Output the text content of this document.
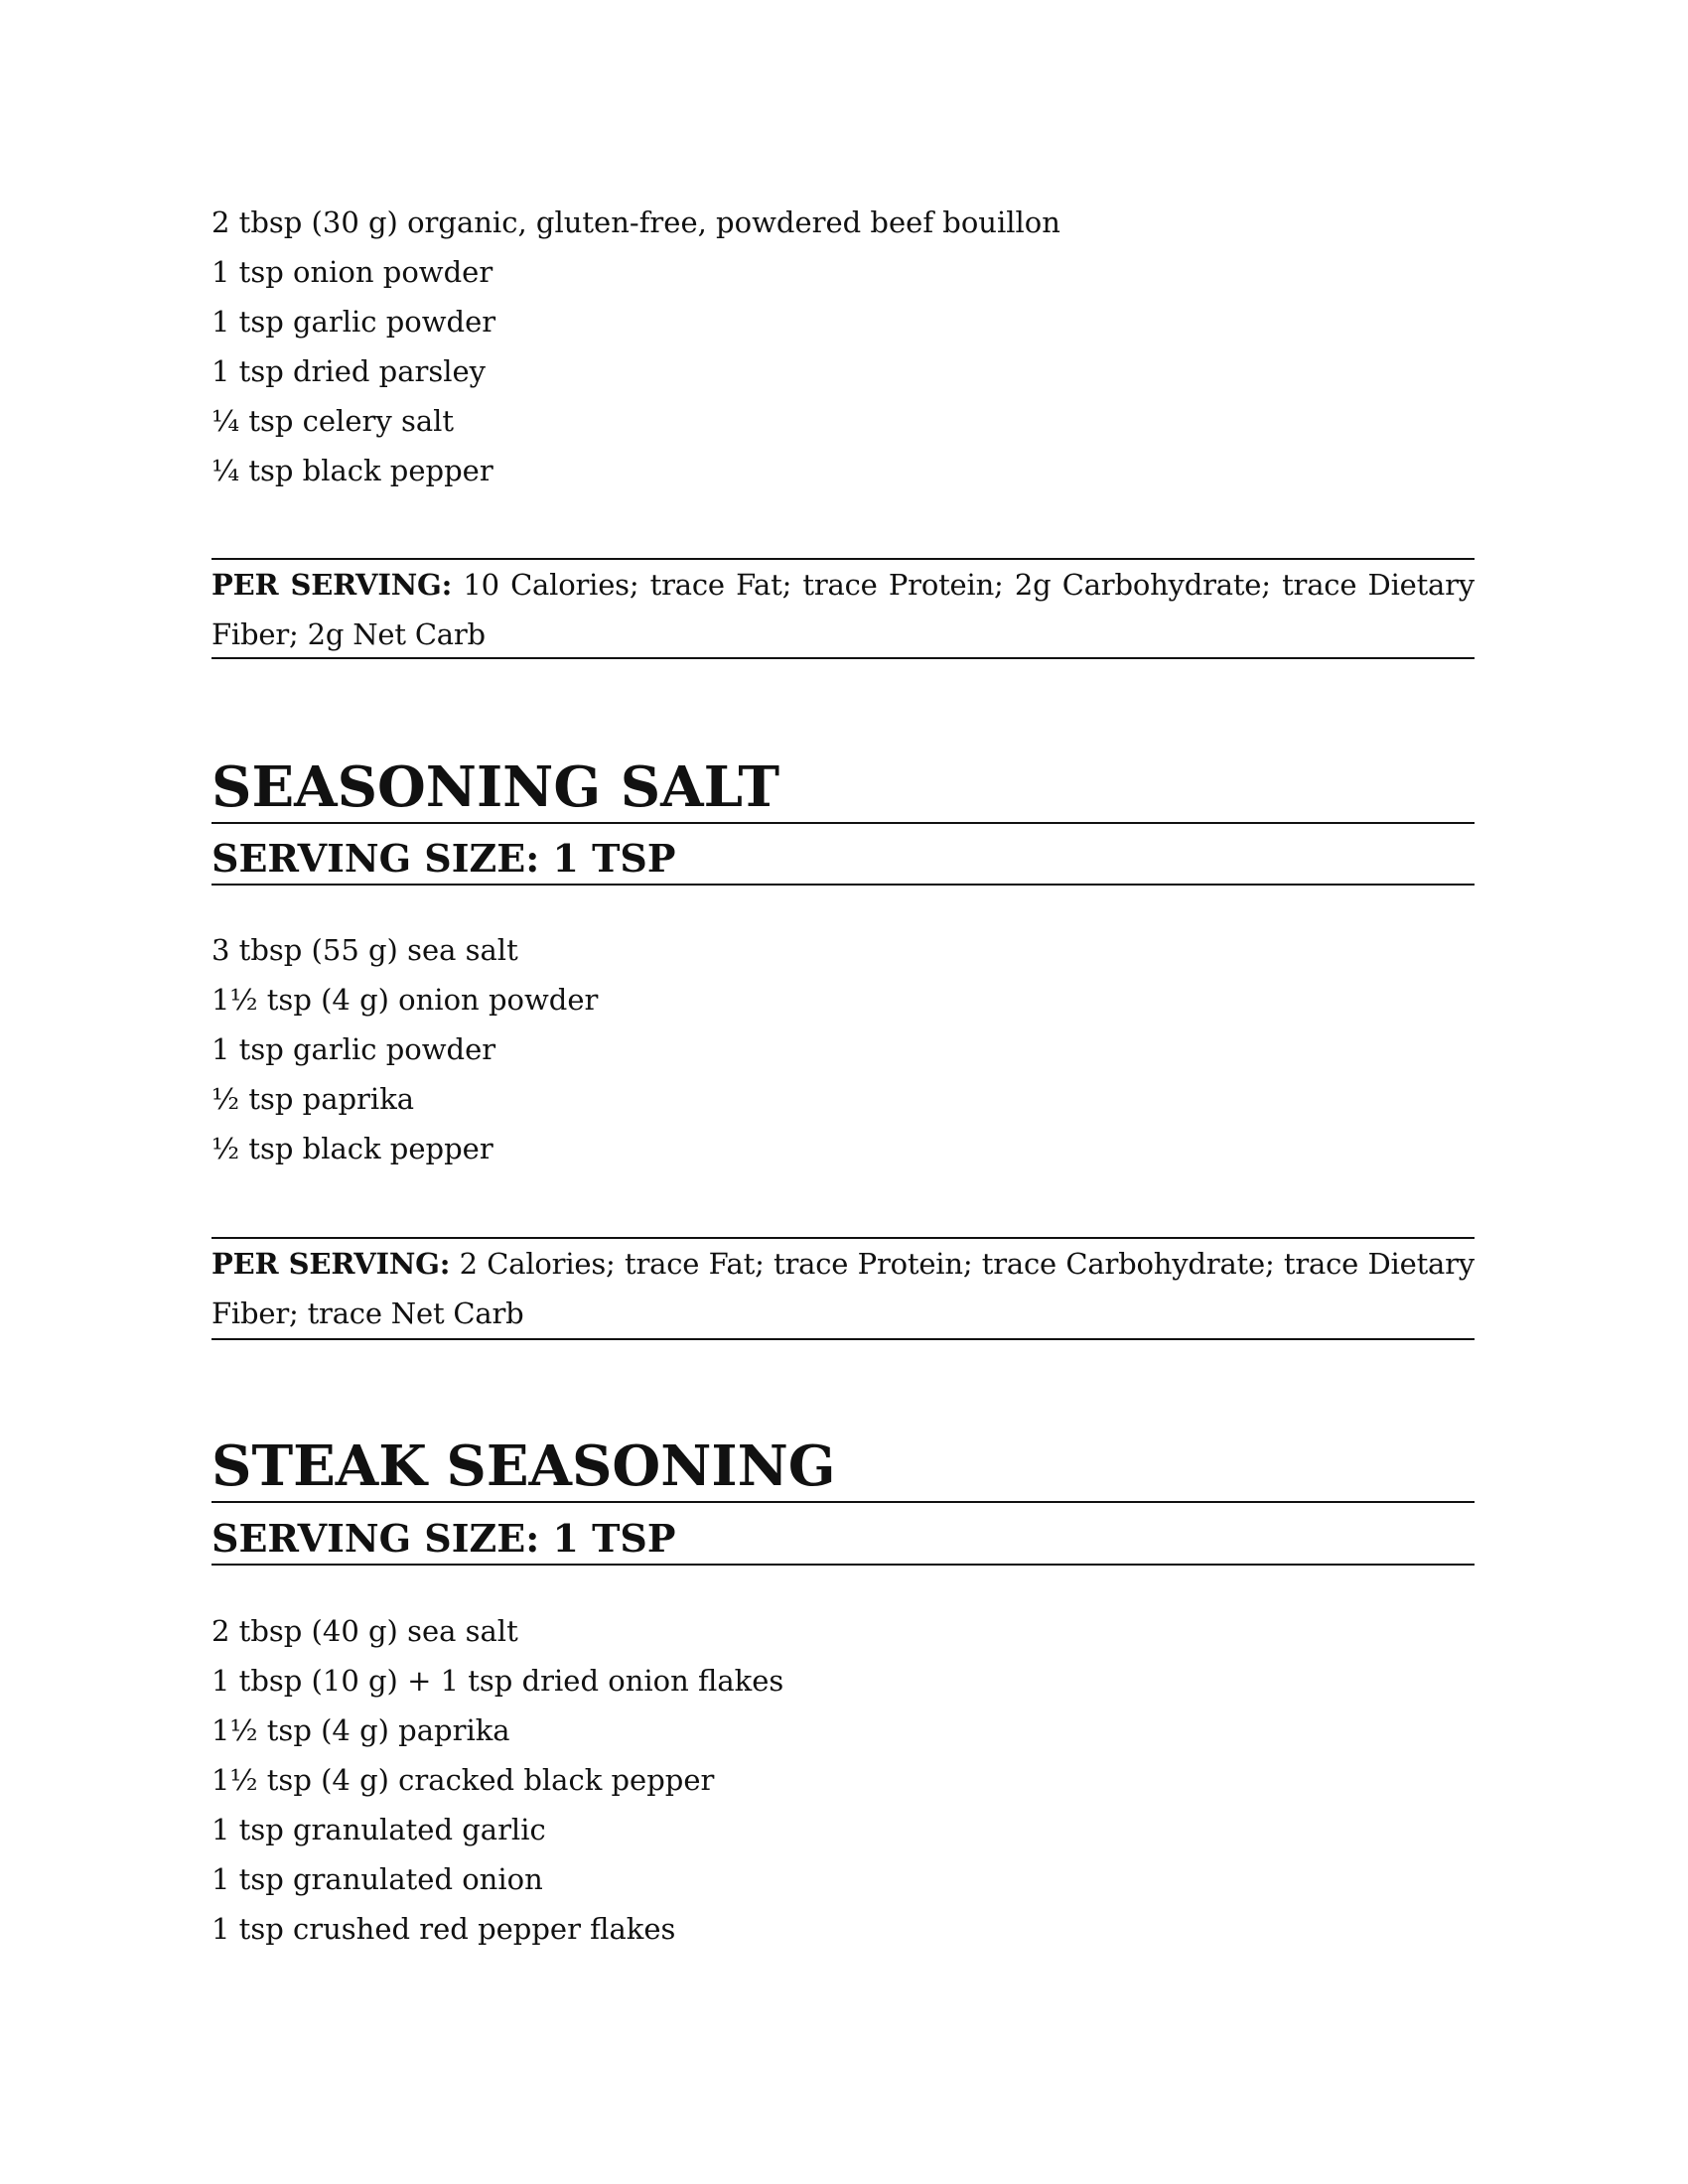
2 tbsp (30 g) organic, gluten-free, powdered beef bouillon
1 tsp onion powder
1 tsp garlic powder
1 tsp dried parsley
¼ tsp celery salt
¼ tsp black pepper
PER SERVING: 10 Calories; trace Fat; trace Protein; 2g Carbohydrate; trace Dietary Fiber; 2g Net Carb
SEASONING SALT
SERVING SIZE: 1 TSP
3 tbsp (55 g) sea salt
1½ tsp (4 g) onion powder
1 tsp garlic powder
½ tsp paprika
½ tsp black pepper
PER SERVING: 2 Calories; trace Fat; trace Protein; trace Carbohydrate; trace Dietary Fiber; trace Net Carb
STEAK SEASONING
SERVING SIZE: 1 TSP
2 tbsp (40 g) sea salt
1 tbsp (10 g) + 1 tsp dried onion flakes
1½ tsp (4 g) paprika
1½ tsp (4 g) cracked black pepper
1 tsp granulated garlic
1 tsp granulated onion
1 tsp crushed red pepper flakes
